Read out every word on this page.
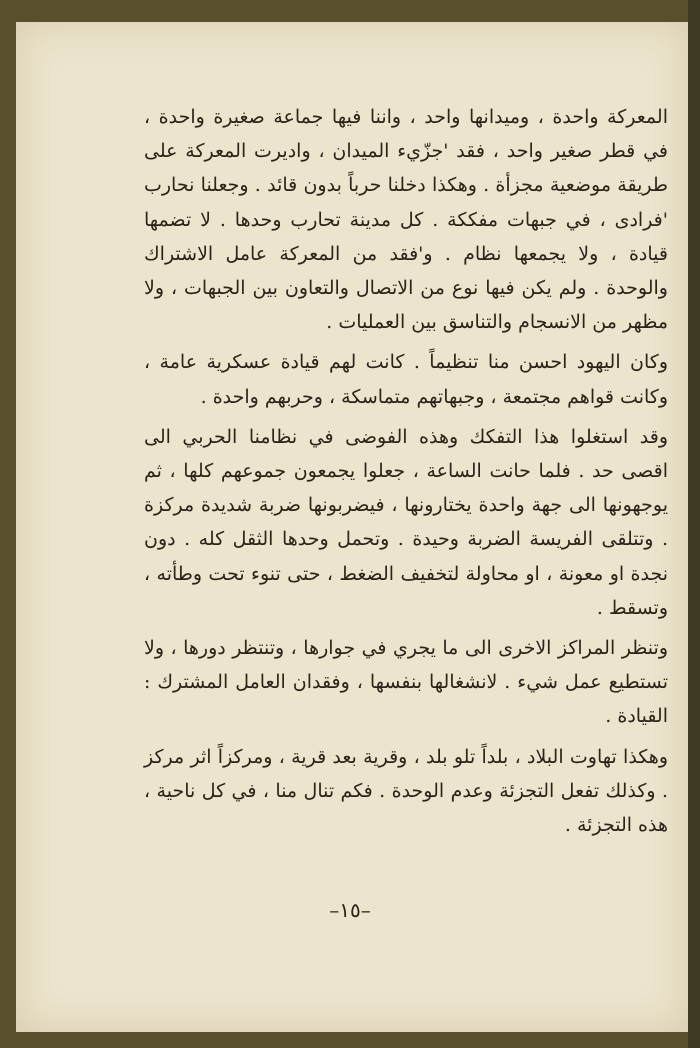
المعركة واحدة ، وميدانها واحد ، واننا فيها جماعة صغيرة واحدة ، في قطر صغير واحد ، فقد 'جزّيء الميدان ، واديرت المعركة على طريقة موضعية مجزأة . وهكذا دخلنا حرباً بدون قائد . وجعلنا نحارب 'فرادى ، في جبهات مفككة . كل مدينة تحارب وحدها . لا تضمها قيادة ، ولا يجمعها نظام . و'فقد من المعركة عامل الاشتراك والوحدة . ولم يكن فيها نوع من الاتصال والتعاون بين الجبهات ، ولا مظهر من الانسجام والتناسق بين العمليات .

وكان اليهود احسن منا تنظيماً . كانت لهم قيادة عسكرية عامة ، وكانت قواهم مجتمعة ، وجبهاتهم متماسكة ، وحربهم واحدة .

وقد استغلوا هذا التفكك وهذه الفوضى في نظامنا الحربي الى اقصى حد . فلما حانت الساعة ، جعلوا يجمعون جموعهم كلها ، ثم يوجهونها الى جهة واحدة يختارونها ، فيضربونها ضربة شديدة مركزة . وتتلقى الفريسة الضربة وحيدة . وتحمل وحدها الثقل كله . دون نجدة او معونة ، او محاولة لتخفيف الضغط ، حتى تنوء تحت وطأته ، وتسقط .

وتنظر المراكز الاخرى الى ما يجري في جوارها ، وتنتظر دورها ، ولا تستطيع عمل شيء . لانشغالها بنفسها ، وفقدان العامل المشترك : القيادة .

وهكذا تهاوت البلاد ، بلداً تلو بلد ، وقرية بعد قرية ، ومركزاً اثر مركز . وكذلك تفعل التجزئة وعدم الوحدة . فكم تنال منا ، في كل ناحية ، هذه التجزئة .

–١٥–
